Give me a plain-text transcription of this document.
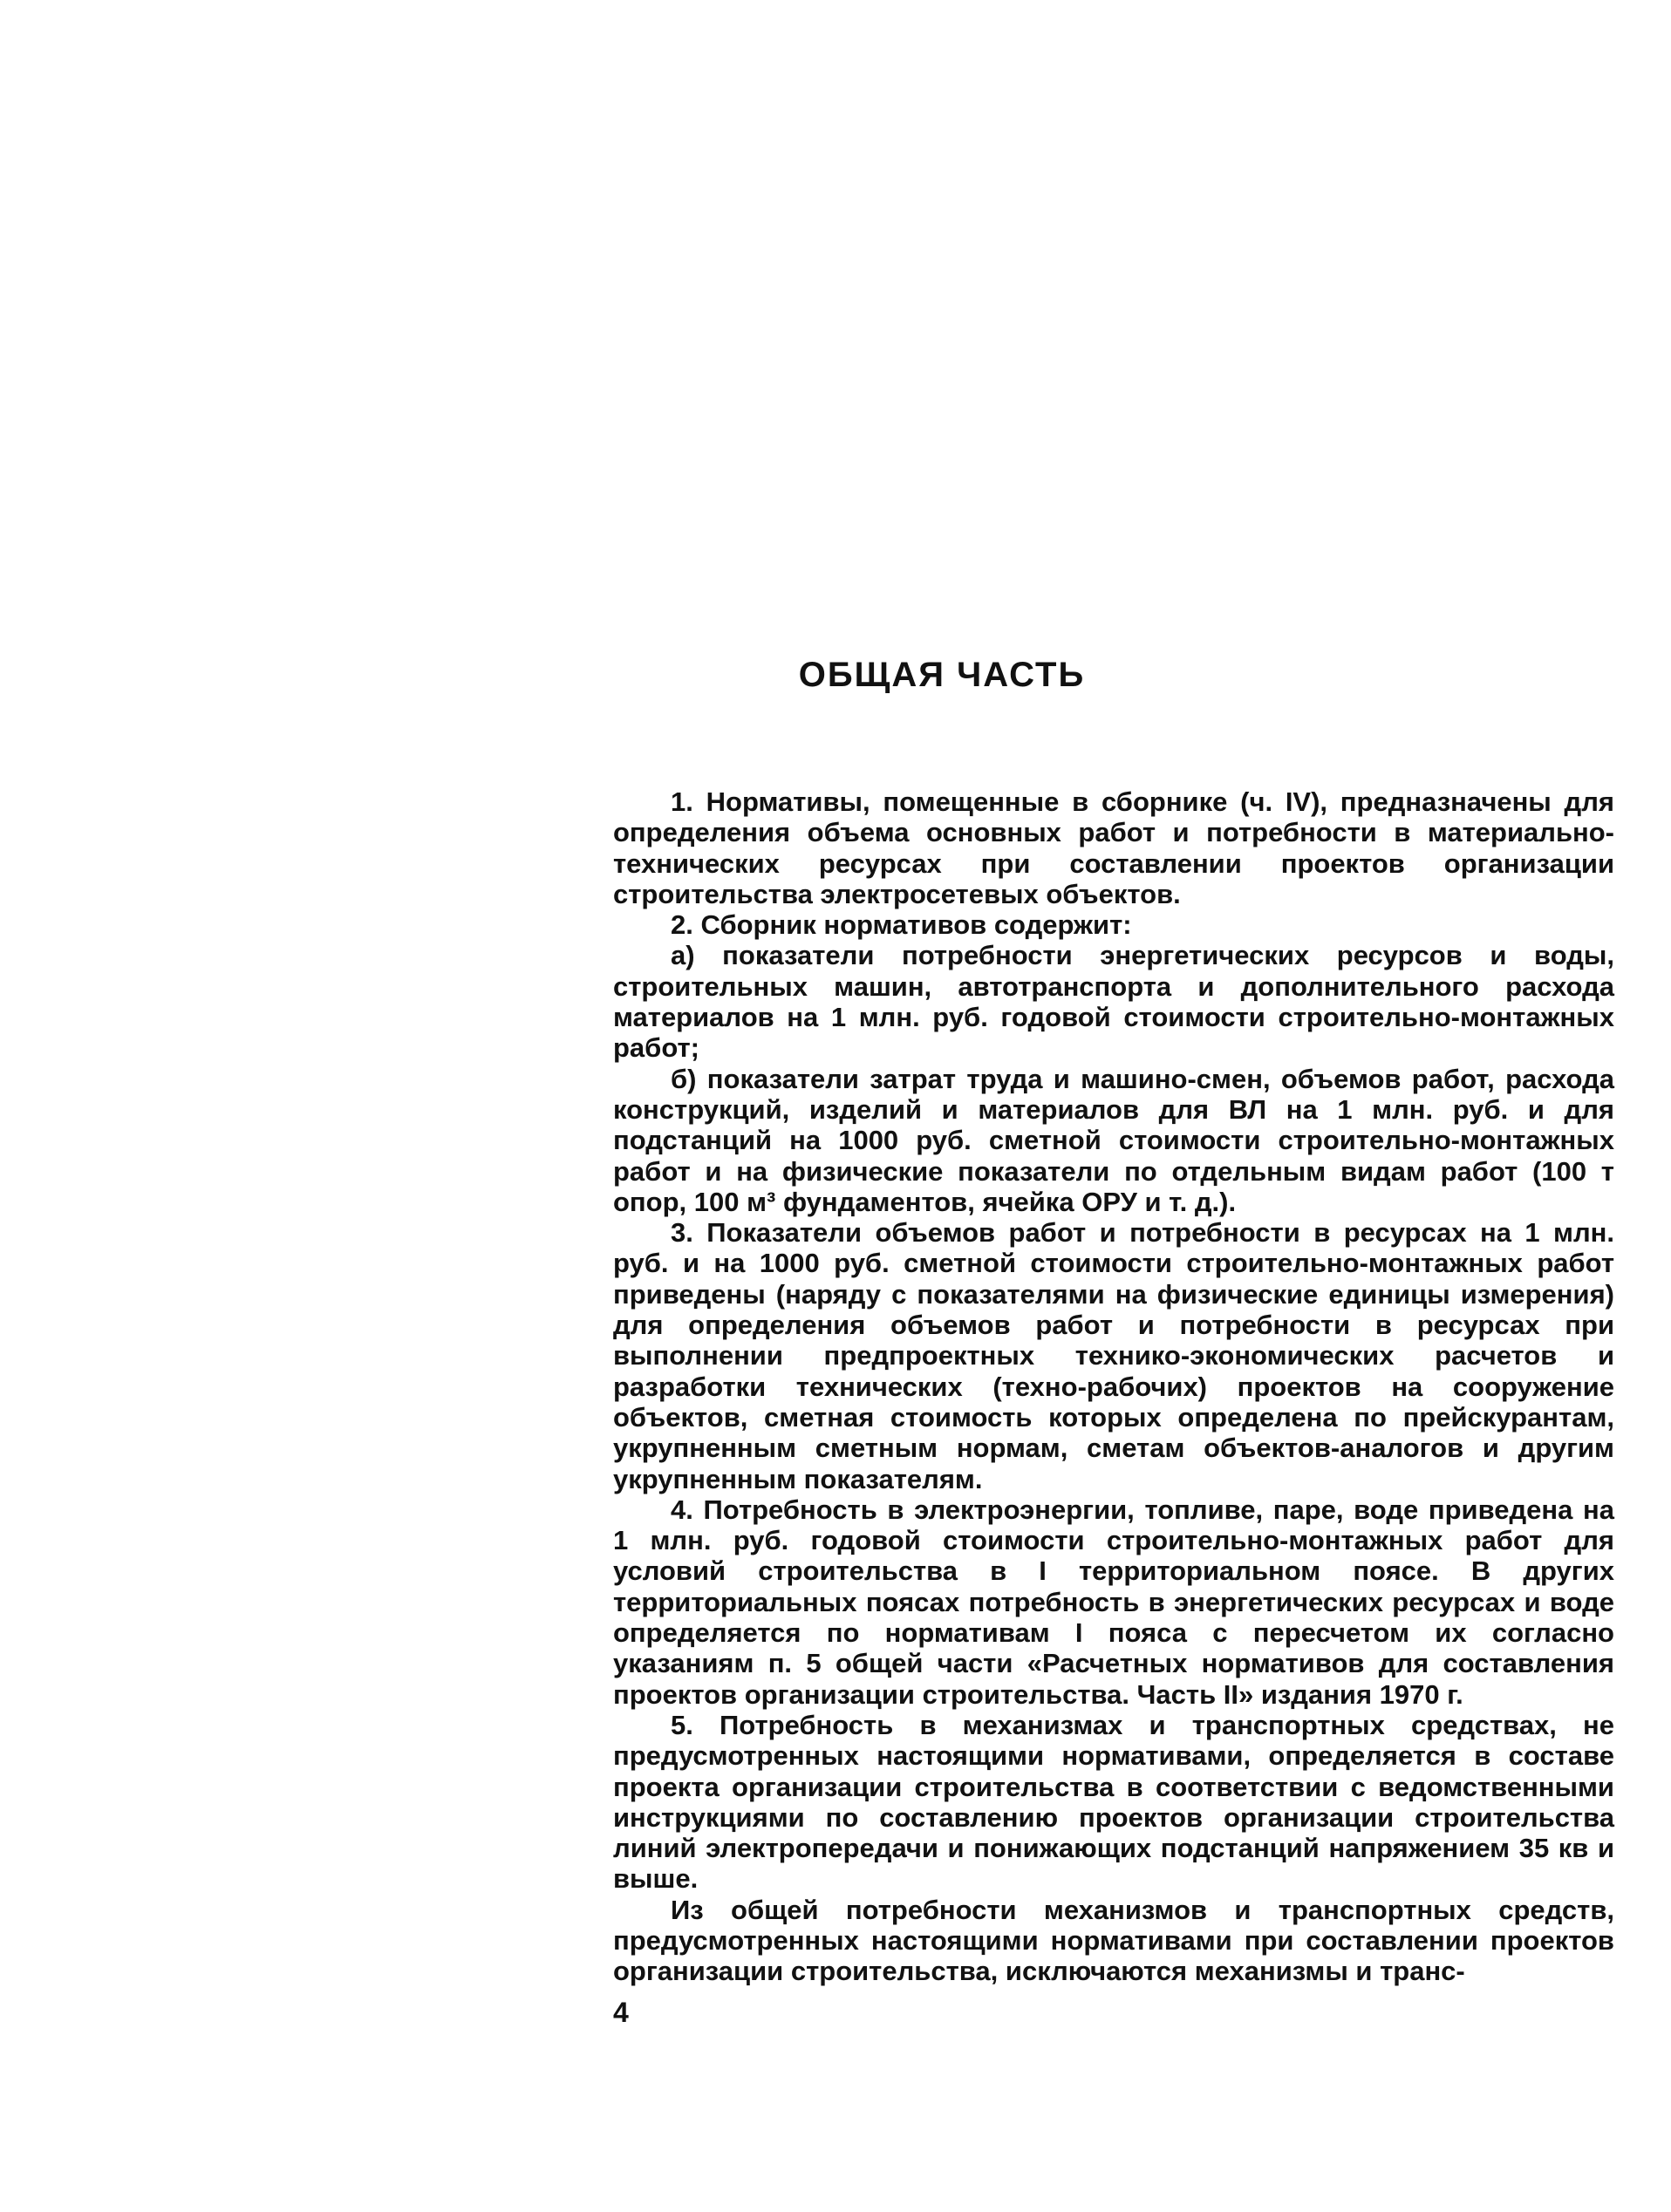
ОБЩАЯ ЧАСТЬ

1. Нормативы, помещенные в сборнике (ч. IV), предназначены для определения объема основных работ и потребности в материально-технических ресурсах при составлении проектов организации строительства электросетевых объектов.

2. Сборник нормативов содержит:

а) показатели потребности энергетических ресурсов и воды, строительных машин, автотранспорта и дополнительного расхода материалов на 1 млн. руб. годовой стоимости строительно-монтажных работ;

б) показатели затрат труда и машино-смен, объемов работ, расхода конструкций, изделий и материалов для ВЛ на 1 млн. руб. и для подстанций на 1000 руб. сметной стоимости строительно-монтажных работ и на физические показатели по отдельным видам работ (100 т опор, 100 м³ фундаментов, ячейка ОРУ и т. д.).

3. Показатели объемов работ и потребности в ресурсах на 1 млн. руб. и на 1000 руб. сметной стоимости строительно-монтажных работ приведены (наряду с показателями на физические единицы измерения) для определения объемов работ и потребности в ресурсах при выполнении предпроектных технико-экономических расчетов и разработки технических (техно-рабочих) проектов на сооружение объектов, сметная стоимость которых определена по прейскурантам, укрупненным сметным нормам, сметам объектов-аналогов и другим укрупненным показателям.

4. Потребность в электроэнергии, топливе, паре, воде приведена на 1 млн. руб. годовой стоимости строительно-монтажных работ для условий строительства в I территориальном поясе. В других территориальных поясах потребность в энергетических ресурсах и воде определяется по нормативам I пояса с пересчетом их согласно указаниям п. 5 общей части «Расчетных нормативов для составления проектов организации строительства. Часть II» издания 1970 г.

5. Потребность в механизмах и транспортных средствах, не предусмотренных настоящими нормативами, определяется в составе проекта организации строительства в соответствии с ведомственными инструкциями по составлению проектов организации строительства линий электропередачи и понижающих подстанций напряжением 35 кв и выше.

Из общей потребности механизмов и транспортных средств, предусмотренных настоящими нормативами при составлении проектов организации строительства, исключаются механизмы и транс-

4
